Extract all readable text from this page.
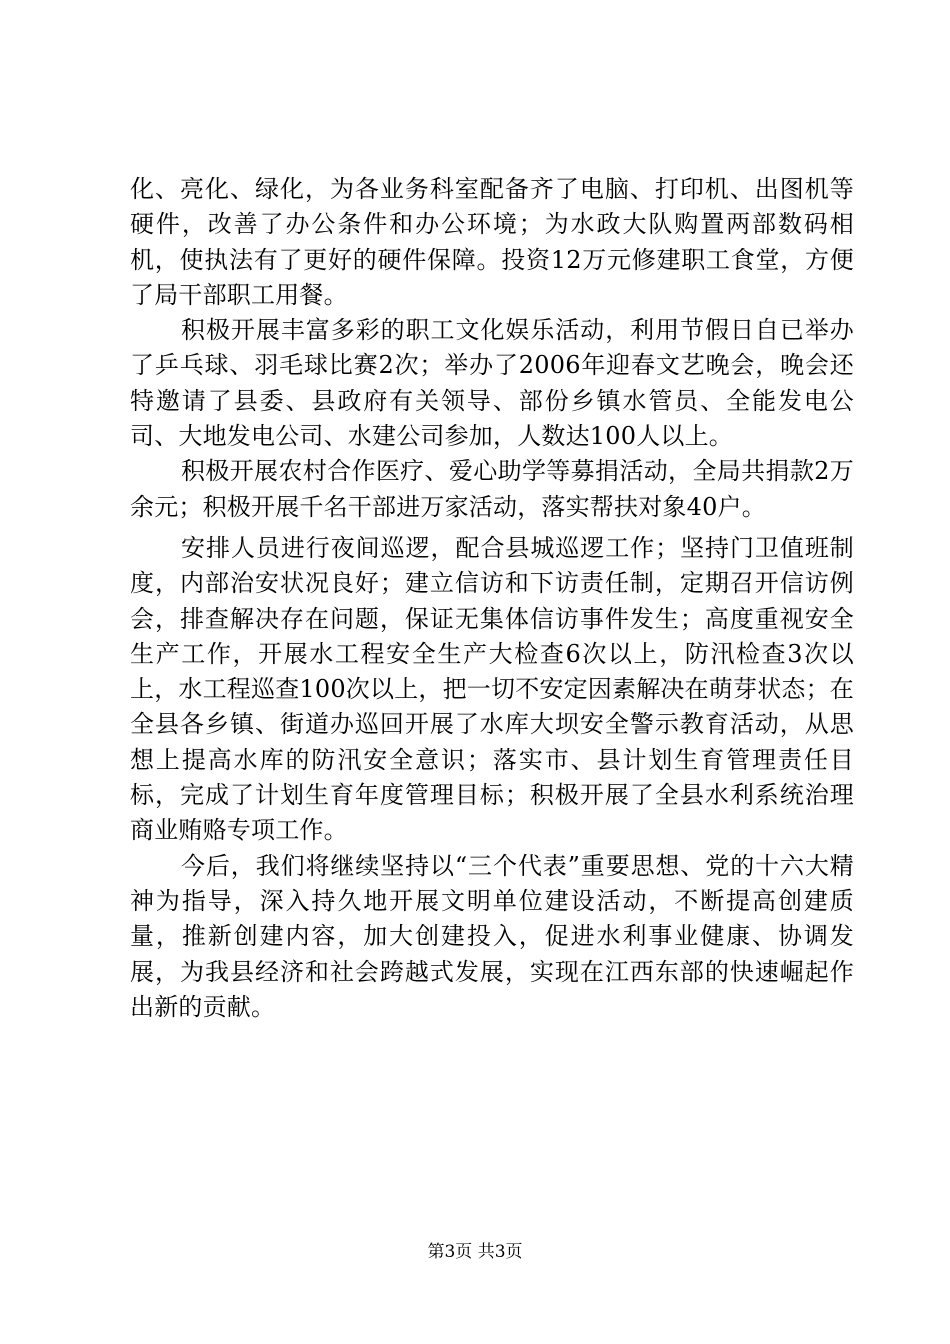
化、亮化、绿化，为各业务科室配备齐了电脑、打印机、出图机等硬件，改善了办公条件和办公环境；为水政大队购置两部数码相机，使执法有了更好的硬件保障。投资12万元修建职工食堂，方便了局干部职工用餐。

积极开展丰富多彩的职工文化娱乐活动，利用节假日自已举办了乒乓球、羽毛球比赛2次；举办了2006年迎春文艺晚会，晚会还特邀请了县委、县政府有关领导、部份乡镇水管员、全能发电公司、大地发电公司、水建公司参加，人数达100人以上。

积极开展农村合作医疗、爱心助学等募捐活动，全局共捐款2万余元；积极开展千名干部进万家活动，落实帮扶对象40户。

安排人员进行夜间巡逻，配合县城巡逻工作；坚持门卫值班制度，内部治安状况良好；建立信访和下访责任制，定期召开信访例会，排查解决存在问题，保证无集体信访事件发生；高度重视安全生产工作，开展水工程安全生产大检查6次以上，防汛检查3次以上，水工程巡查100次以上，把一切不安定因素解决在萌芽状态；在全县各乡镇、街道办巡回开展了水库大坝安全警示教育活动，从思想上提高水库的防汛安全意识；落实市、县计划生育管理责任目标，完成了计划生育年度管理目标；积极开展了全县水利系统治理商业贿赂专项工作。

今后，我们将继续坚持以“三个代表”重要思想、党的十六大精神为指导，深入持久地开展文明单位建设活动，不断提高创建质量，推新创建内容，加大创建投入，促进水利事业健康、协调发展，为我县经济和社会跨越式发展，实现在江西东部的快速崛起作出新的贡献。

第3页 共3页
